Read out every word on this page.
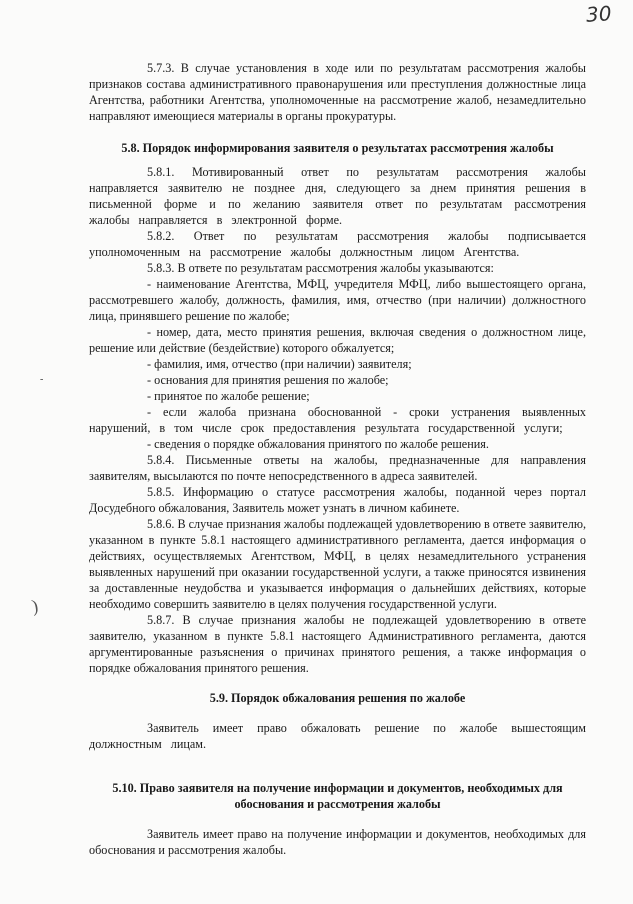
30
-
)

5.7.3. В случае установления в ходе или по результатам рассмотрения жалобы признаков состава административного правонарушения или преступления должностные лица Агентства, работники Агентства, уполномоченные на рассмотрение жалоб, незамедлительно направляют имеющиеся материалы в органы прокуратуры.

5.8. Порядок информирования заявителя о результатах рассмотрения жалобы

5.8.1. Мотивированный ответ по результатам рассмотрения жалобы направляется заявителю не позднее дня, следующего за днем принятия решения в письменной форме и по желанию заявителя ответ по результатам рассмотрения жалобы направляется в электронной форме.

5.8.2. Ответ по результатам рассмотрения жалобы подписывается уполномоченным на рассмотрение жалобы должностным лицом Агентства.

5.8.3. В ответе по результатам рассмотрения жалобы указываются:

- наименование Агентства, МФЦ, учредителя МФЦ, либо вышестоящего органа, рассмотревшего жалобу, должность, фамилия, имя, отчество (при наличии) должностного лица, принявшего решение по жалобе;

- номер, дата, место принятия решения, включая сведения о должностном лице, решение или действие (бездействие) которого обжалуется;

- фамилия, имя, отчество (при наличии) заявителя;

- основания для принятия решения по жалобе;

- принятое по жалобе решение;

- если жалоба признана обоснованной - сроки устранения выявленных нарушений, в том числе срок предоставления результата государственной услуги;

- сведения о порядке обжалования принятого по жалобе решения.

5.8.4. Письменные ответы на жалобы, предназначенные для направления заявителям, высылаются по почте непосредственного в адреса заявителей.

5.8.5. Информацию о статусе рассмотрения жалобы, поданной через портал Досудебного обжалования, Заявитель может узнать в личном кабинете.

5.8.6. В случае признания жалобы подлежащей удовлетворению в ответе заявителю, указанном в пункте 5.8.1 настоящего административного регламента, дается информация о действиях, осуществляемых Агентством, МФЦ, в целях незамедлительного устранения выявленных нарушений при оказании государственной услуги, а также приносятся извинения за доставленные неудобства и указывается информация о дальнейших действиях, которые необходимо совершить заявителю в целях получения государственной услуги.

5.8.7. В случае признания жалобы не подлежащей удовлетворению в ответе заявителю, указанном в пункте 5.8.1 настоящего Административного регламента, даются аргументированные разъяснения о причинах принятого решения, а также информация о порядке обжалования принятого решения.

5.9. Порядок обжалования решения по жалобе

Заявитель имеет право обжаловать решение по жалобе вышестоящим должностным лицам.

5.10. Право заявителя на получение информации и документов, необходимых для
обоснования и рассмотрения жалобы

Заявитель имеет право на получение информации и документов, необходимых для обоснования и рассмотрения жалобы.
